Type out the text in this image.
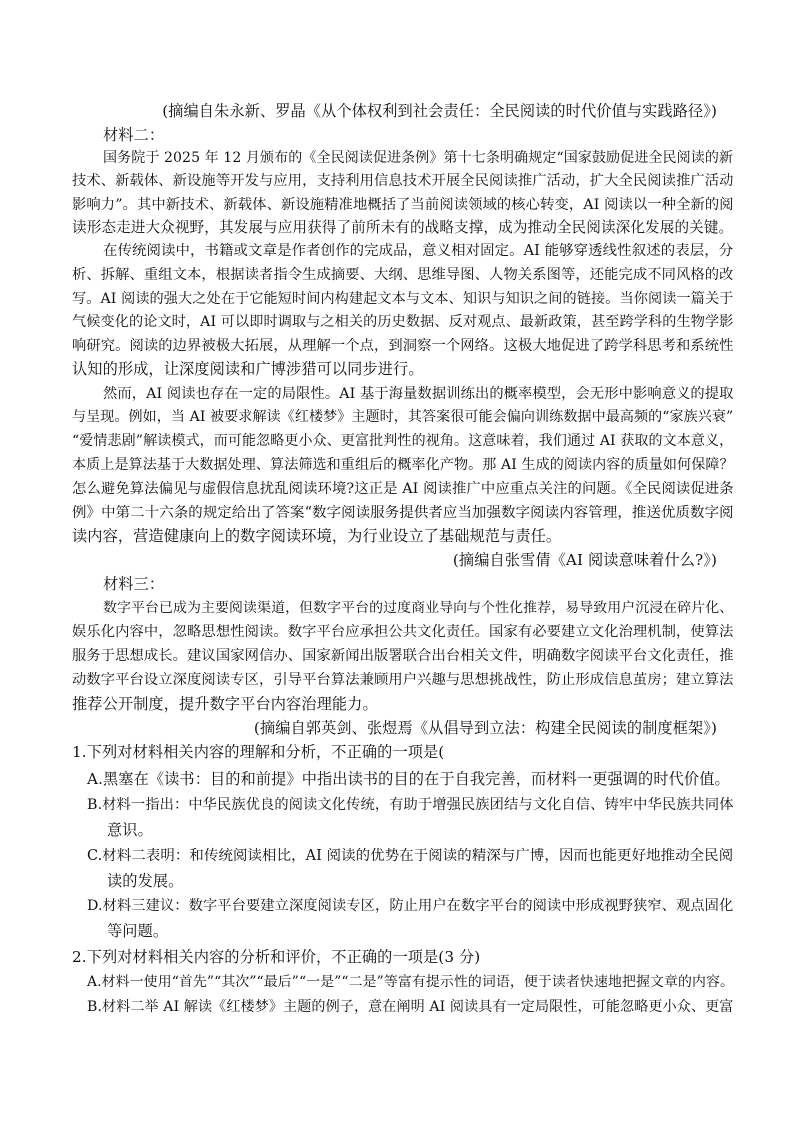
(摘编自朱永新、罗晶《从个体权利到社会责任：全民阅读的时代价值与实践路径》)
材料二：
国务院于 2025 年 12 月颁布的《全民阅读促进条例》第十七条明确规定“国家鼓励促进全民阅读的新
技术、新载体、新设施等开发与应用，支持利用信息技术开展全民阅读推广活动，扩大全民阅读推广活动
影响力”。其中新技术、新载体、新设施精准地概括了当前阅读领域的核心转变，AI 阅读以一种全新的阅
读形态走进大众视野，其发展与应用获得了前所未有的战略支撑，成为推动全民阅读深化发展的关键。
在传统阅读中，书籍或文章是作者创作的完成品，意义相对固定。AI 能够穿透线性叙述的表层，分
析、拆解、重组文本，根据读者指令生成摘要、大纲、思维导图、人物关系图等，还能完成不同风格的改
写。AI 阅读的强大之处在于它能短时间内构建起文本与文本、知识与知识之间的链接。当你阅读一篇关于
气候变化的论文时，AI 可以即时调取与之相关的历史数据、反对观点、最新政策，甚至跨学科的生物学影
响研究。阅读的边界被极大拓展，从理解一个点，到洞察一个网络。这极大地促进了跨学科思考和系统性
认知的形成，让深度阅读和广博涉猎可以同步进行。
然而，AI 阅读也存在一定的局限性。AI 基于海量数据训练出的概率模型，会无形中影响意义的提取
与呈现。例如，当 AI 被要求解读《红楼梦》主题时，其答案很可能会偏向训练数据中最高频的“家族兴衰”
“爱情悲剧”解读模式，而可能忽略更小众、更富批判性的视角。这意味着，我们通过 AI 获取的文本意义，
本质上是算法基于大数据处理、算法筛选和重组后的概率化产物。那 AI 生成的阅读内容的质量如何保障？
怎么避免算法偏见与虚假信息扰乱阅读环境?这正是 AI 阅读推广中应重点关注的问题。《全民阅读促进条
例》中第二十六条的规定给出了答案“数字阅读服务提供者应当加强数字阅读内容管理，推送优质数字阅
读内容，营造健康向上的数字阅读环境，为行业设立了基础规范与责任。
(摘编自张雪倩《AI 阅读意味着什么?》)
材料三：
数字平台已成为主要阅读渠道，但数字平台的过度商业导向与个性化推荐，易导致用户沉浸在碎片化、
娱乐化内容中，忽略思想性阅读。数字平台应承担公共文化责任。国家有必要建立文化治理机制，使算法
服务于思想成长。建议国家网信办、国家新闻出版署联合出台相关文件，明确数字阅读平台文化责任，推
动数字平台设立深度阅读专区，引导平台算法兼顾用户兴趣与思想挑战性，防止形成信息茧房；建立算法
推荐公开制度，提升数字平台内容治理能力。
(摘编自郭英剑、张煜焉《从倡导到立法：构建全民阅读的制度框架》)
1.下列对材料相关内容的理解和分析，不正确的一项是(
A.黑塞在《读书：目的和前提》中指出读书的目的在于自我完善，而材料一更强调的时代价值。
B.材料一指出：中华民族优良的阅读文化传统，有助于增强民族团结与文化自信、铸牢中华民族共同体
意识。
C.材料二表明：和传统阅读相比，AI 阅读的优势在于阅读的精深与广博，因而也能更好地推动全民阅
读的发展。
D.材料三建议：数字平台要建立深度阅读专区，防止用户在数字平台的阅读中形成视野狭窄、观点固化
等问题。
2.下列对材料相关内容的分析和评价，不正确的一项是(3 分)
A.材料一使用“首先”“其次”“最后”“一是”“二是”等富有提示性的词语，便于读者快速地把握文章的内容。
B.材料二举 AI 解读《红楼梦》主题的例子，意在阐明 AI 阅读具有一定局限性，可能忽略更小众、更富
